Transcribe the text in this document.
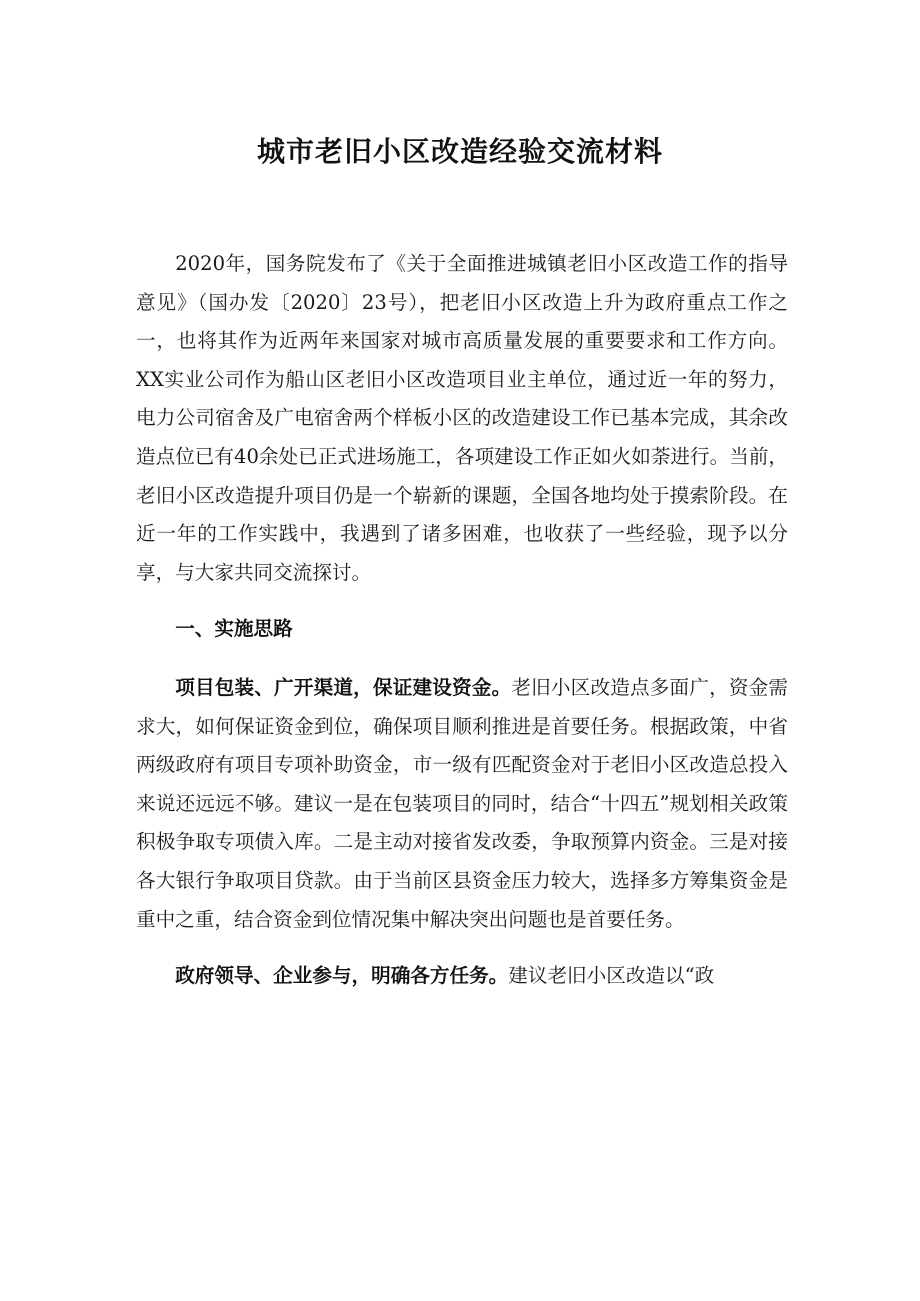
城市老旧小区改造经验交流材料

2020年，国务院发布了《关于全面推进城镇老旧小区改造工作的指导意见》（国办发〔2020〕23号），把老旧小区改造上升为政府重点工作之一，也将其作为近两年来国家对城市高质量发展的重要要求和工作方向。XX实业公司作为船山区老旧小区改造项目业主单位，通过近一年的努力，电力公司宿舍及广电宿舍两个样板小区的改造建设工作已基本完成，其余改造点位已有40余处已正式进场施工，各项建设工作正如火如荼进行。当前，老旧小区改造提升项目仍是一个崭新的课题，全国各地均处于摸索阶段。在近一年的工作实践中，我遇到了诸多困难，也收获了一些经验，现予以分享，与大家共同交流探讨。

一、实施思路

项目包装、广开渠道，保证建设资金。老旧小区改造点多面广，资金需求大，如何保证资金到位，确保项目顺利推进是首要任务。根据政策，中省两级政府有项目专项补助资金，市一级有匹配资金对于老旧小区改造总投入来说还远远不够。建议一是在包装项目的同时，结合“十四五”规划相关政策积极争取专项债入库。二是主动对接省发改委，争取预算内资金。三是对接各大银行争取项目贷款。由于当前区县资金压力较大，选择多方筹集资金是重中之重，结合资金到位情况集中解决突出问题也是首要任务。

政府领导、企业参与，明确各方任务。建议老旧小区改造以“政
